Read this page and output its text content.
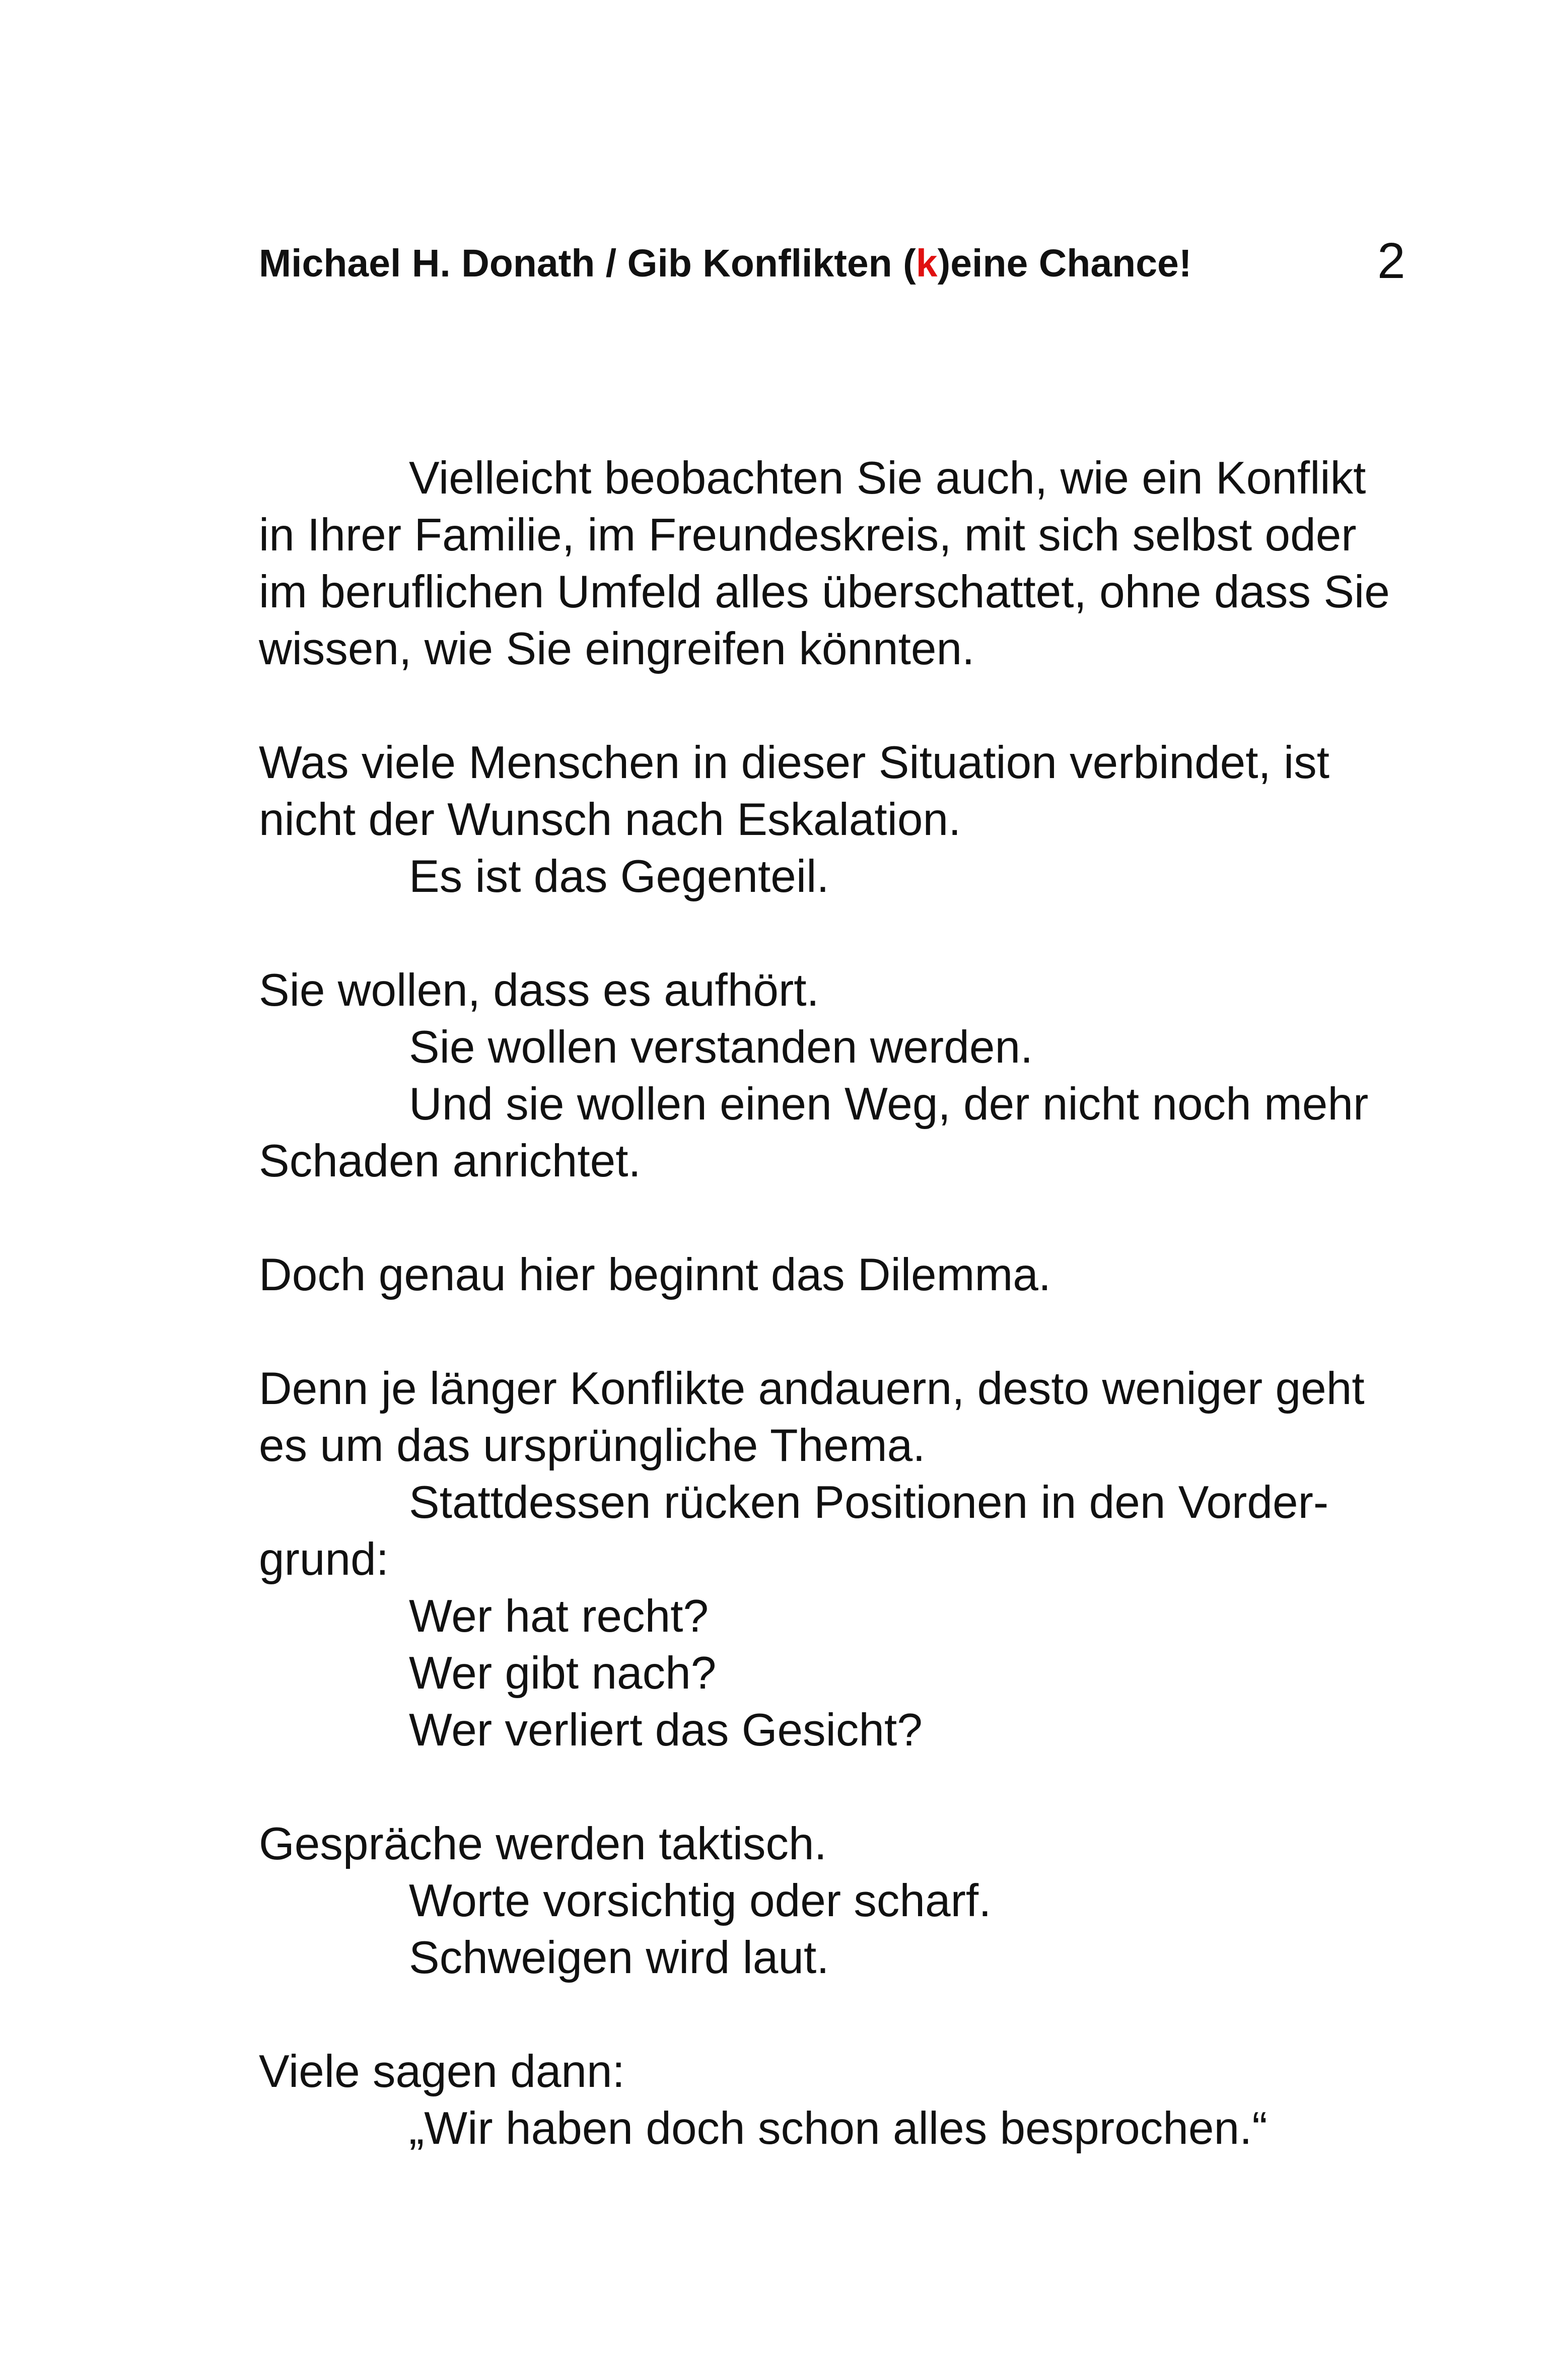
Michael H. Donath / Gib Konflikten (k)eine Chance!	2
Vielleicht beobachten Sie auch, wie ein Konflikt
in Ihrer Familie, im Freundeskreis, mit sich selbst oder
im beruflichen Umfeld alles überschattet, ohne dass Sie
wissen, wie Sie eingreifen könnten.
Was viele Menschen in dieser Situation verbindet, ist
nicht der Wunsch nach Eskalation.
Es ist das Gegenteil.
Sie wollen, dass es aufhört.
Sie wollen verstanden werden.
Und sie wollen einen Weg, der nicht noch mehr
Schaden anrichtet.
Doch genau hier beginnt das Dilemma.
Denn je länger Konflikte andauern, desto weniger geht
es um das ursprüngliche Thema.
Stattdessen rücken Positionen in den Vorder-
grund:
Wer hat recht?
Wer gibt nach?
Wer verliert das Gesicht?
Gespräche werden taktisch.
Worte vorsichtig oder scharf.
Schweigen wird laut.
Viele sagen dann:
„Wir haben doch schon alles besprochen.“
